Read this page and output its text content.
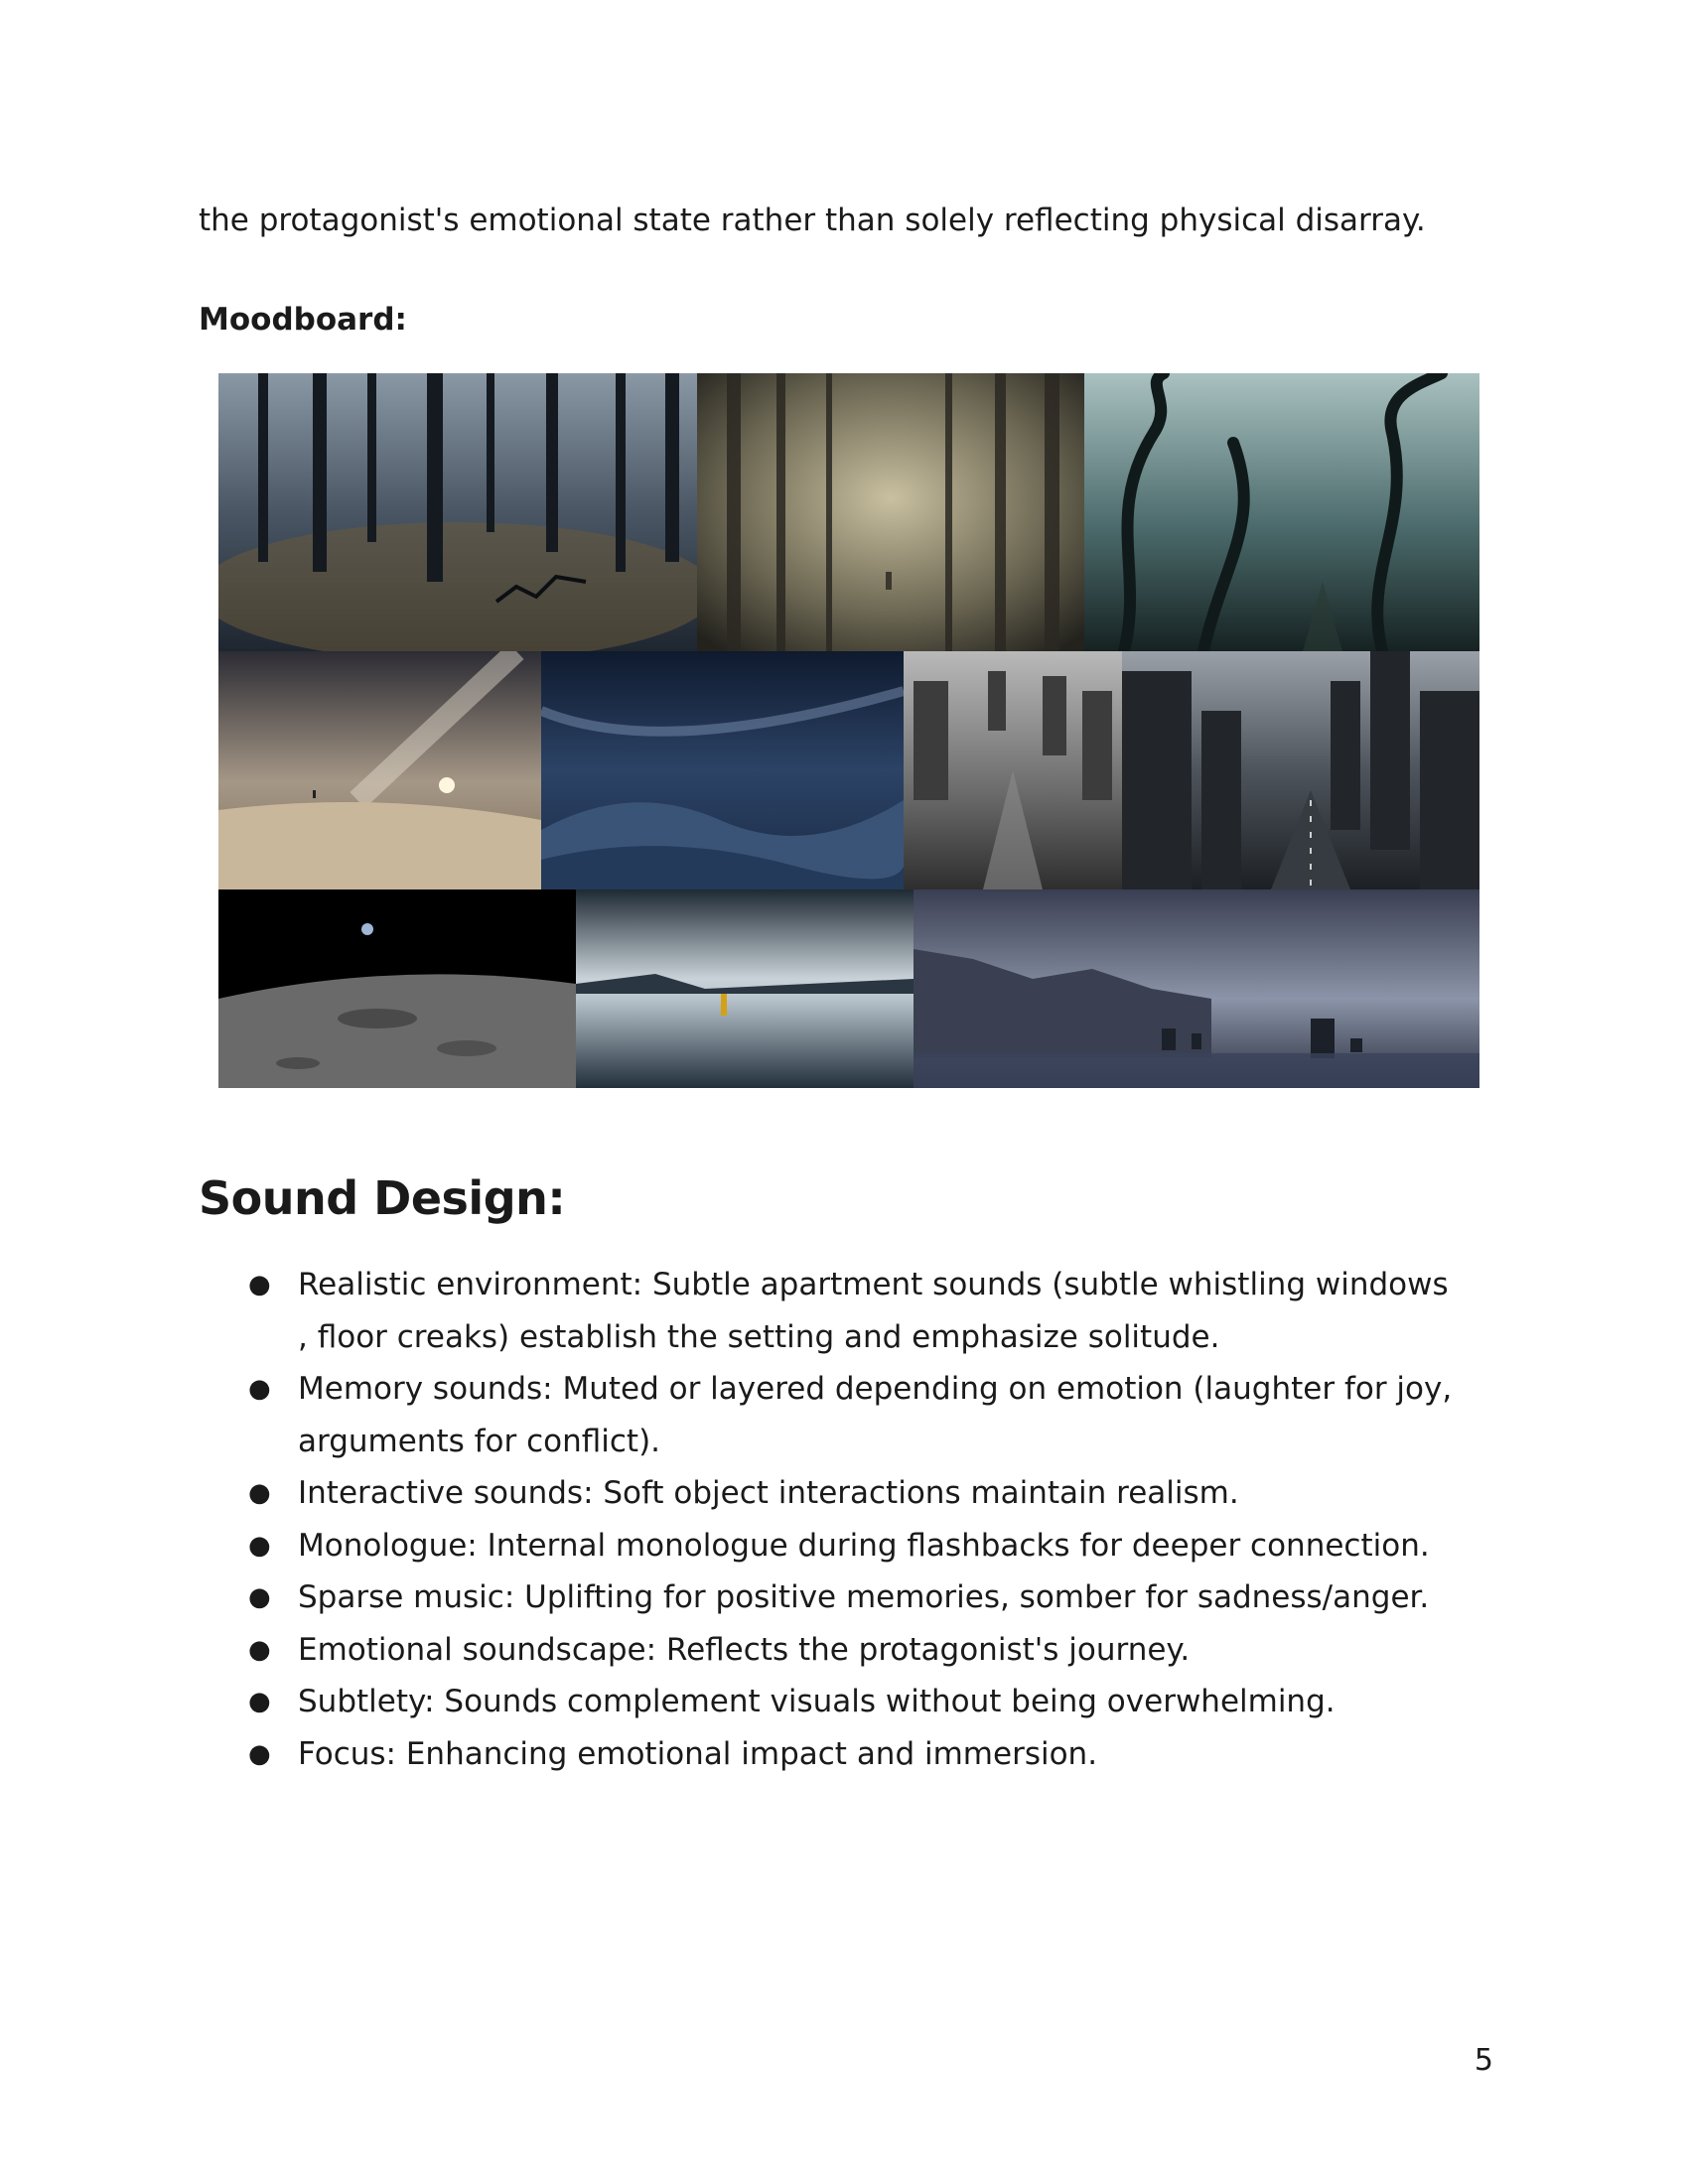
the protagonist's emotional state rather than solely reflecting physical disarray.

Moodboard:

Sound Design:
● Realistic environment: Subtle apartment sounds (subtle whistling windows , floor creaks) establish the setting and emphasize solitude.
● Memory sounds: Muted or layered depending on emotion (laughter for joy, arguments for conflict).
● Interactive sounds: Soft object interactions maintain realism.
● Monologue: Internal monologue during flashbacks for deeper connection.
● Sparse music: Uplifting for positive memories, somber for sadness/anger.
● Emotional soundscape: Reflects the protagonist's journey.
● Subtlety: Sounds complement visuals without being overwhelming.
● Focus: Enhancing emotional impact and immersion.
5
